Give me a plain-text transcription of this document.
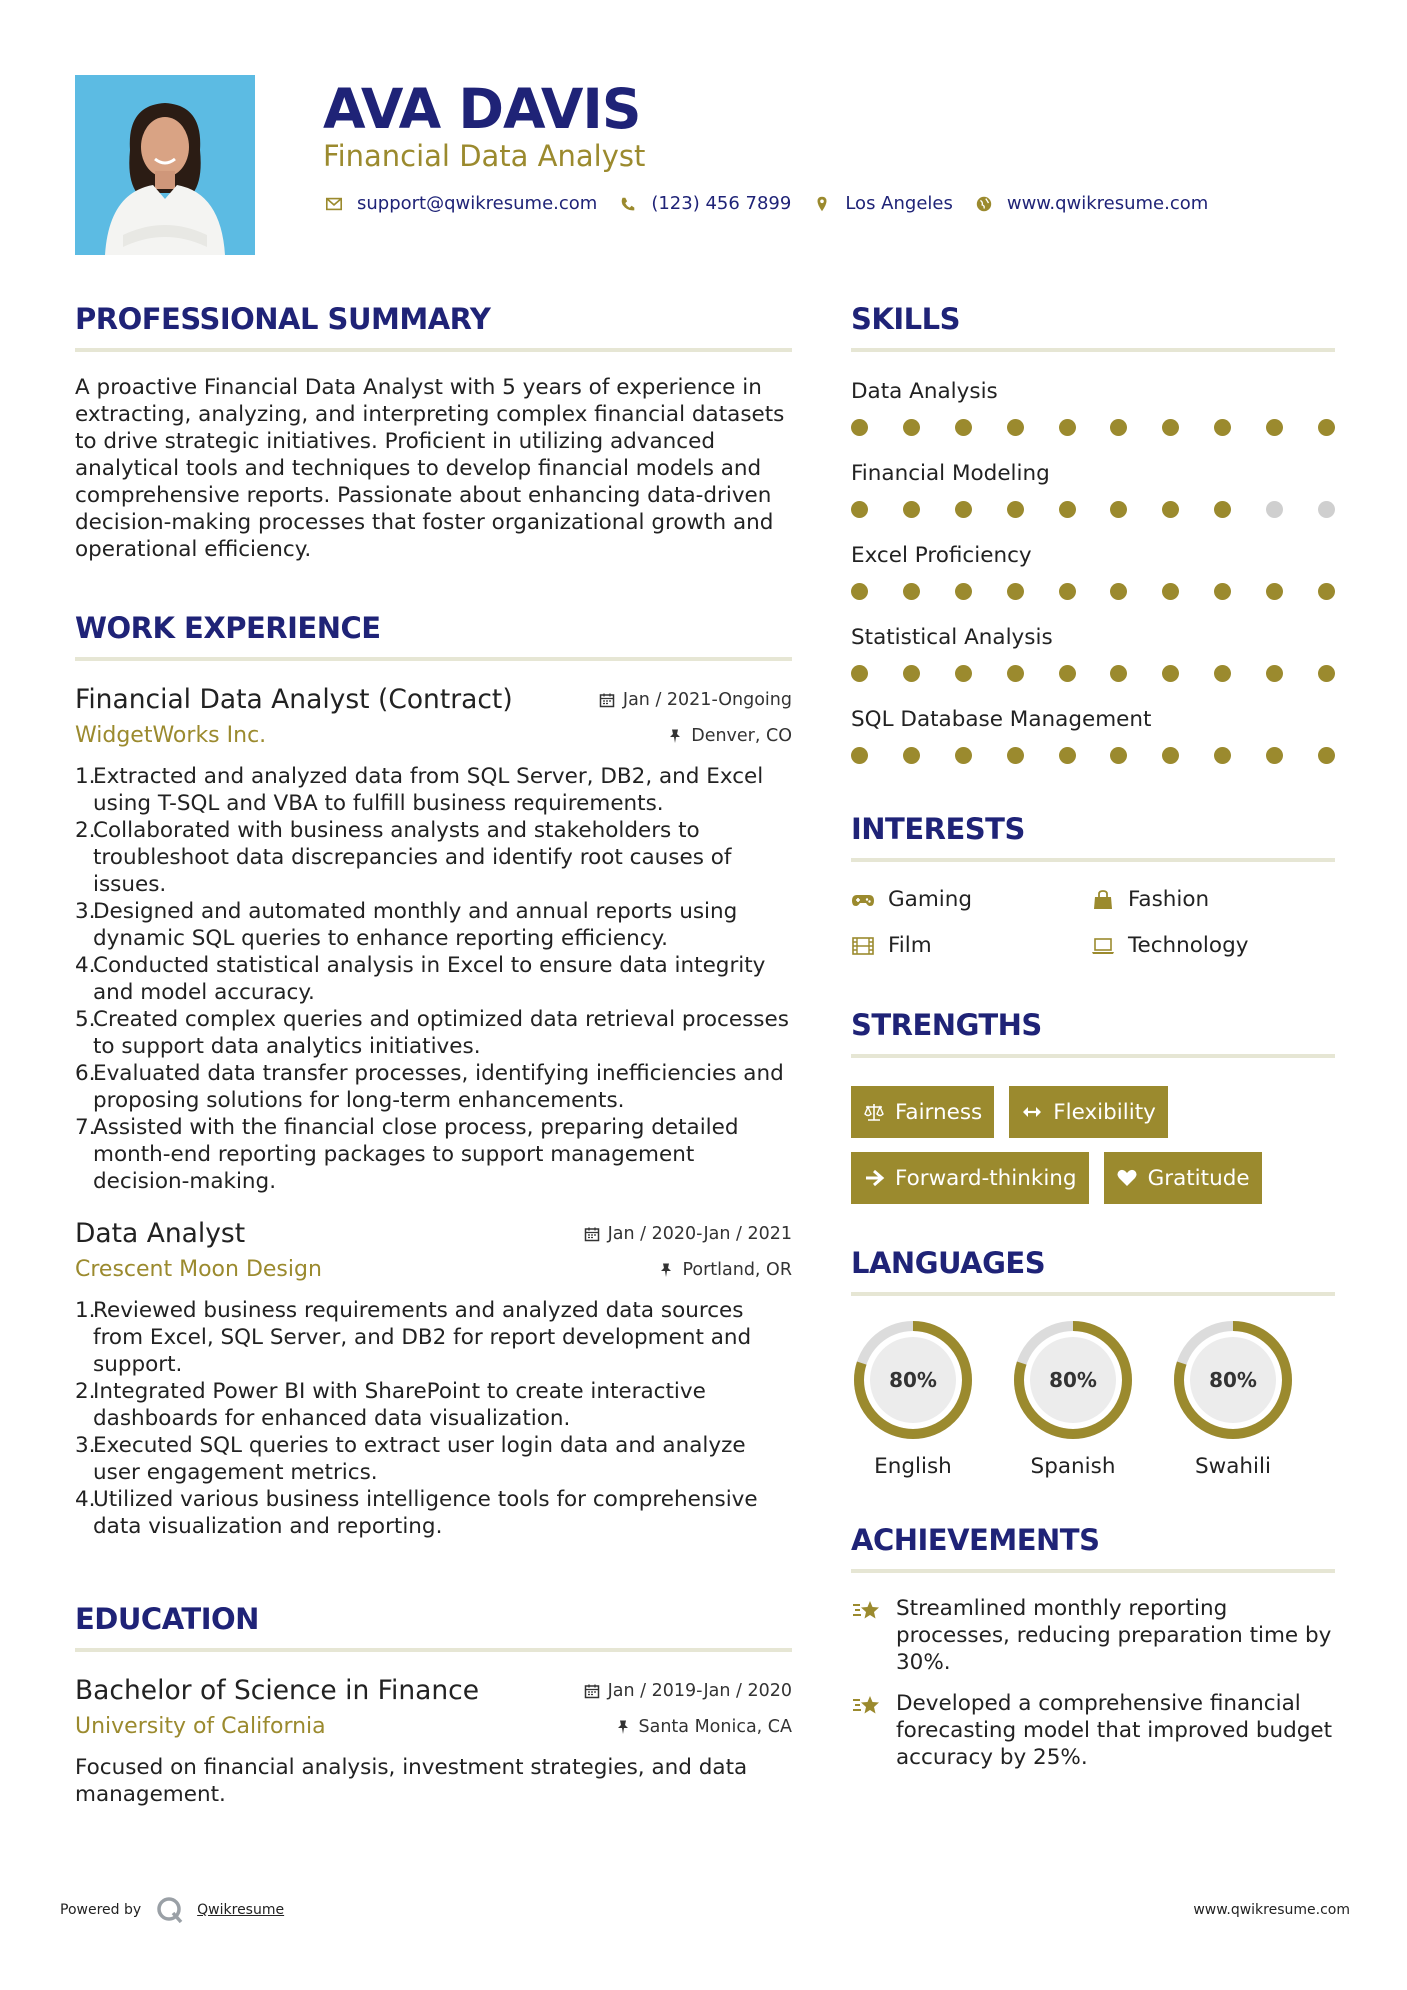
AVA DAVIS
Financial Data Analyst
support@qwikresume.com	(123) 456 7899	Los Angeles	www.qwikresume.com
PROFESSIONAL SUMMARY
A proactive Financial Data Analyst with 5 years of experience in extracting, analyzing, and interpreting complex financial datasets to drive strategic initiatives. Proficient in utilizing advanced analytical tools and techniques to develop financial models and comprehensive reports. Passionate about enhancing data-driven decision-making processes that foster organizational growth and operational efficiency.
WORK EXPERIENCE
Financial Data Analyst (Contract)	Jan / 2021-Ongoing
WidgetWorks Inc.	Denver, CO
1.
Extracted and analyzed data from SQL Server, DB2, and Excel using T-SQL and VBA to fulfill business requirements.
2.
Collaborated with business analysts and stakeholders to troubleshoot data discrepancies and identify root causes of issues.
3.
Designed and automated monthly and annual reports using dynamic SQL queries to enhance reporting efficiency.
4.
Conducted statistical analysis in Excel to ensure data integrity and model accuracy.
5.
Created complex queries and optimized data retrieval processes to support data analytics initiatives.
6.
Evaluated data transfer processes, identifying inefficiencies and proposing solutions for long-term enhancements.
7.
Assisted with the financial close process, preparing detailed month-end reporting packages to support management decision-making.
Data Analyst	Jan / 2020-Jan / 2021
Crescent Moon Design	Portland, OR
1.
Reviewed business requirements and analyzed data sources from Excel, SQL Server, and DB2 for report development and support.
2.
Integrated Power BI with SharePoint to create interactive dashboards for enhanced data visualization.
3.
Executed SQL queries to extract user login data and analyze user engagement metrics.
4.
Utilized various business intelligence tools for comprehensive data visualization and reporting.
EDUCATION
Bachelor of Science in Finance	Jan / 2019-Jan / 2020
University of California	Santa Monica, CA
Focused on financial analysis, investment strategies, and data management.
SKILLS
Data Analysis
Financial Modeling
Excel Proficiency
Statistical Analysis
SQL Database Management
INTERESTS
Gaming	Fashion
Film	Technology
STRENGTHS
Fairness	Flexibility
Forward-thinking	Gratitude
LANGUAGES
80%
English
80%
Spanish
80%
Swahili
ACHIEVEMENTS
Streamlined monthly reporting processes, reducing preparation time by 30%.
Developed a comprehensive financial forecasting model that improved budget accuracy by 25%.
Powered by	Qwikresume	www.qwikresume.com
